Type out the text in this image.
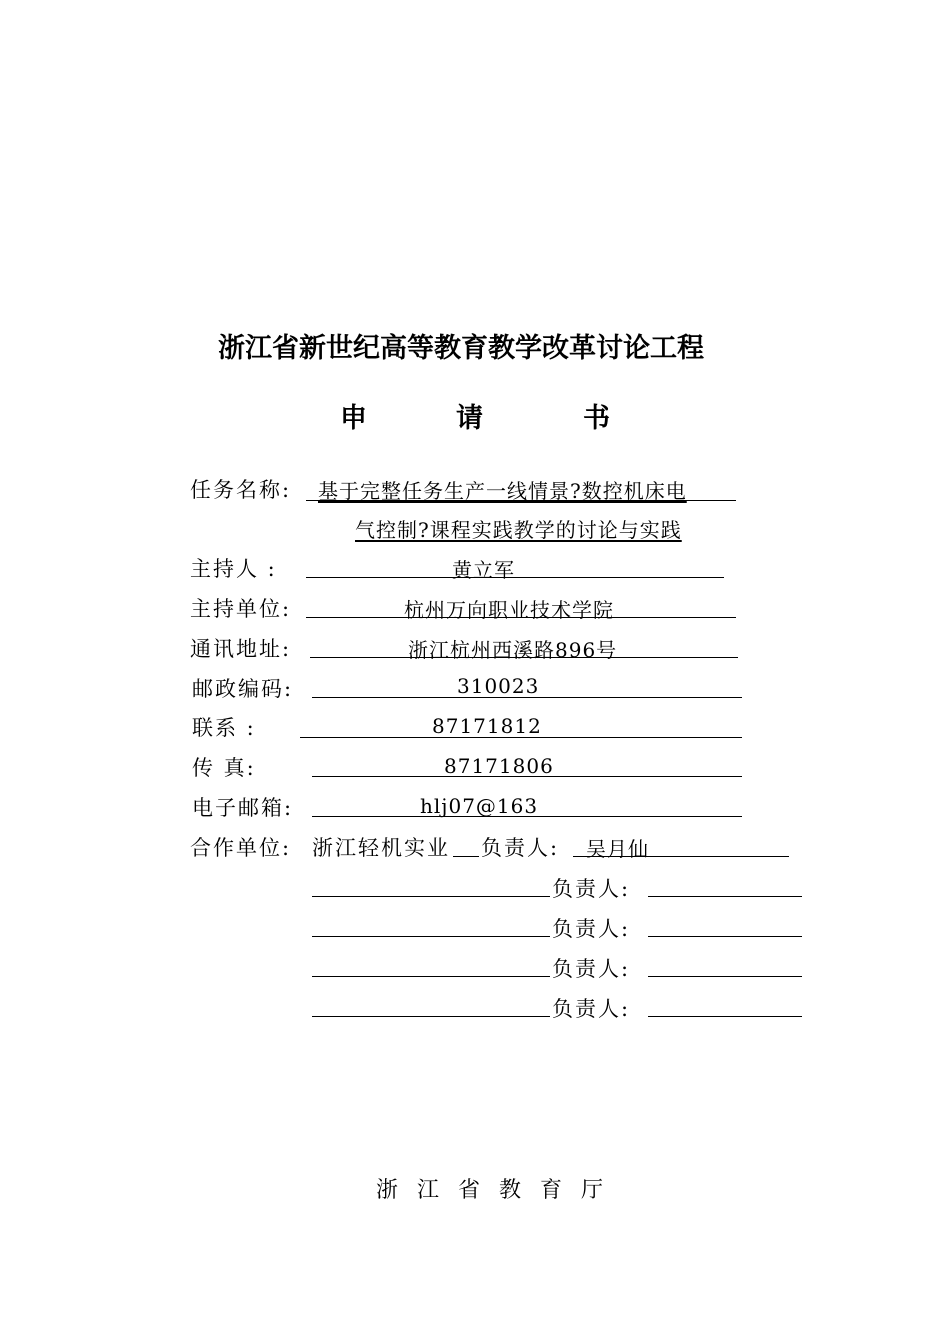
浙江省新世纪高等教育教学改革讨论工程
申	请	书
任务名称: 基于完整任务生产一线情景?数控机床电
气控制?课程实践教学的讨论与实践
主持人 :	黄立军
主持单位:	杭州万向职业技术学院
通讯地址:	浙江杭州西溪路896号
邮政编码:	310023
联系 :	87171812
传 真:	87171806
电子邮箱:	hlj07@163
合作单位: 浙江轻机实业 负责人: 吴月仙
负责人:
负责人:
负责人:
负责人:
浙江省教育厅
